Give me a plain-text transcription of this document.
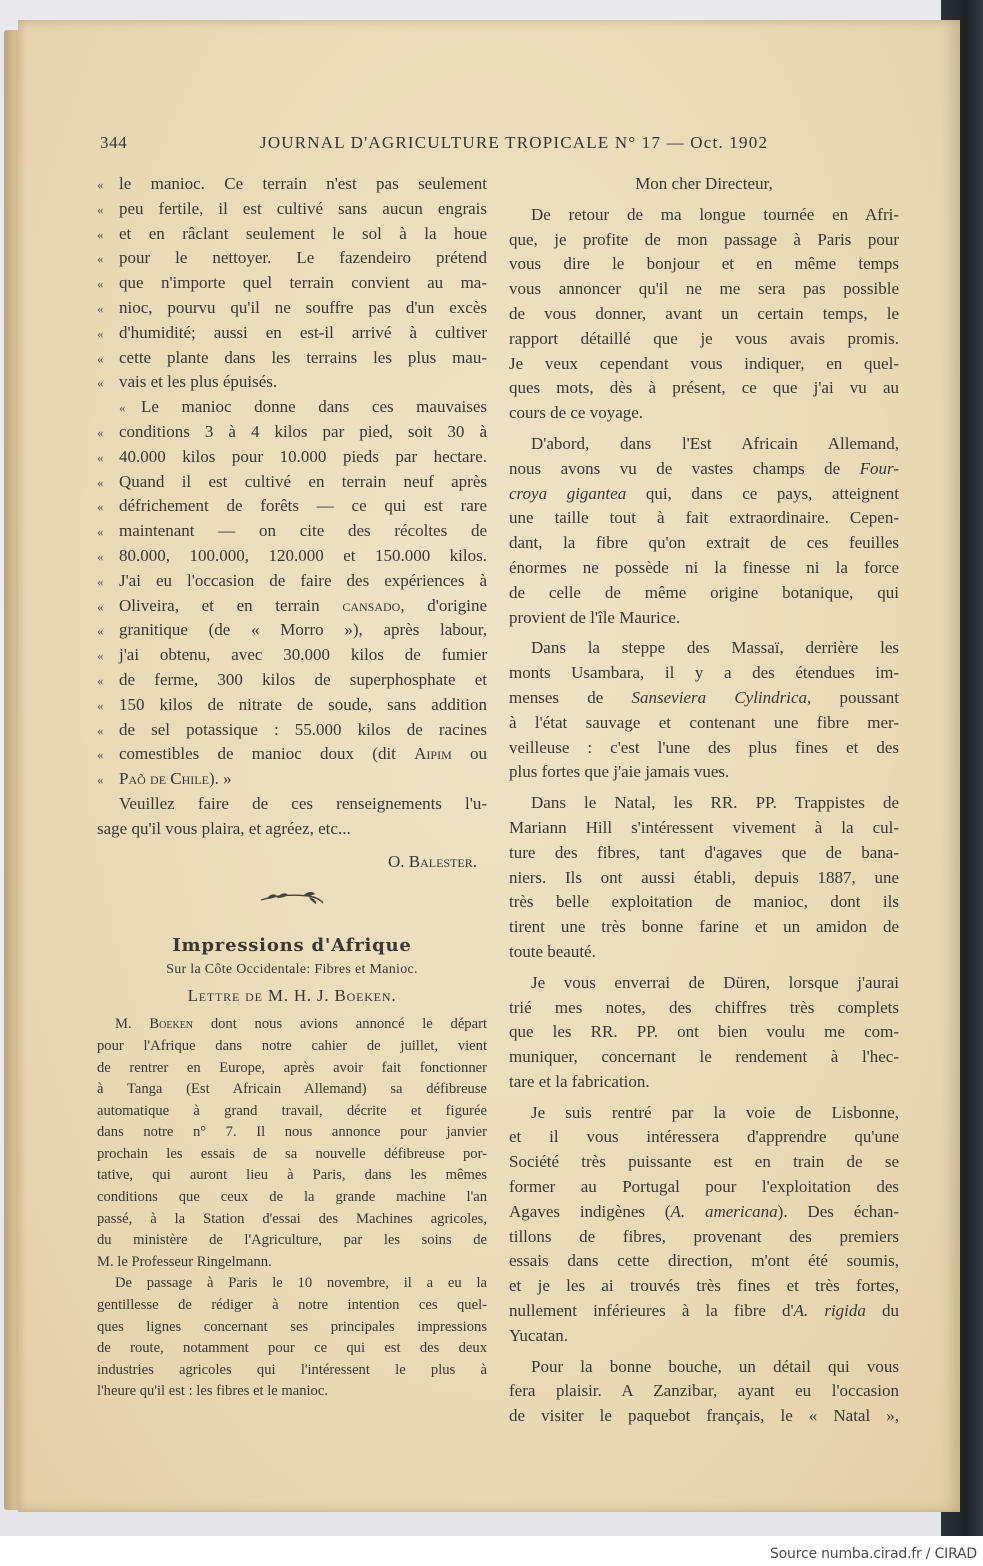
344	JOURNAL D'AGRICULTURE TROPICALE N° 17 — Oct. 1902
« le manioc. Ce terrain n'est pas seulement
« peu fertile, il est cultivé sans aucun engrais
« et en râclant seulement le sol à la houe
« pour le nettoyer. Le fazendeiro prétend
« que n'importe quel terrain convient au ma-
« nioc, pourvu qu'il ne souffre pas d'un excès
« d'humidité; aussi en est-il arrivé à cultiver
« cette plante dans les terrains les plus mau-
« vais et les plus épuisés.
« Le manioc donne dans ces mauvaises
« conditions 3 à 4 kilos par pied, soit 30 à
« 40.000 kilos pour 10.000 pieds par hectare.
« Quand il est cultivé en terrain neuf après
« défrichement de forêts — ce qui est rare
« maintenant — on cite des récoltes de
« 80.000, 100.000, 120.000 et 150.000 kilos.
« J'ai eu l'occasion de faire des expériences à
« Oliveira, et en terrain cansado, d'origine
« granitique (de « Morro »), après labour,
« j'ai obtenu, avec 30.000 kilos de fumier
« de ferme, 300 kilos de superphosphate et
« 150 kilos de nitrate de soude, sans addition
« de sel potassique : 55.000 kilos de racines
« comestibles de manioc doux (dit Aipim ou
« Paõ de Chile). »
Veuillez faire de ces renseignements l'u-
sage qu'il vous plaira, et agréez, etc...
O. Balester.
Impressions d'Afrique
Sur la Côte Occidentale: Fibres et Manioc.
Lettre de M. H. J. Boeken.
M. Boeken dont nous avions annoncé le départ
pour l'Afrique dans notre cahier de juillet, vient
de rentrer en Europe, après avoir fait fonctionner
à Tanga (Est Africain Allemand) sa défibreuse
automatique à grand travail, décrite et figurée
dans notre n° 7. Il nous annonce pour janvier
prochain les essais de sa nouvelle défibreuse por-
tative, qui auront lieu à Paris, dans les mêmes
conditions que ceux de la grande machine l'an
passé, à la Station d'essai des Machines agricoles,
du ministère de l'Agriculture, par les soins de
M. le Professeur Ringelmann.
De passage à Paris le 10 novembre, il a eu la
gentillesse de rédiger à notre intention ces quel-
ques lignes concernant ses principales impressions
de route, notamment pour ce qui est des deux
industries agricoles qui l'intéressent le plus à
l'heure qu'il est : les fibres et le manioc.
Mon cher Directeur,
De retour de ma longue tournée en Afri-
que, je profite de mon passage à Paris pour
vous dire le bonjour et en même temps
vous annoncer qu'il ne me sera pas possible
de vous donner, avant un certain temps, le
rapport détaillé que je vous avais promis.
Je veux cependant vous indiquer, en quel-
ques mots, dès à présent, ce que j'ai vu au
cours de ce voyage.
D'abord, dans l'Est Africain Allemand,
nous avons vu de vastes champs de Four-
croya gigantea qui, dans ce pays, atteignent
une taille tout à fait extraordinaire. Cepen-
dant, la fibre qu'on extrait de ces feuilles
énormes ne possède ni la finesse ni la force
de celle de même origine botanique, qui
provient de l'île Maurice.
Dans la steppe des Massaï, derrière les
monts Usambara, il y a des étendues im-
menses de Sanseviera Cylindrica, poussant
à l'état sauvage et contenant une fibre mer-
veilleuse : c'est l'une des plus fines et des
plus fortes que j'aie jamais vues.
Dans le Natal, les RR. PP. Trappistes de
Mariann Hill s'intéressent vivement à la cul-
ture des fibres, tant d'agaves que de bana-
niers. Ils ont aussi établi, depuis 1887, une
très belle exploitation de manioc, dont ils
tirent une très bonne farine et un amidon de
toute beauté.
Je vous enverrai de Düren, lorsque j'aurai
trié mes notes, des chiffres très complets
que les RR. PP. ont bien voulu me com-
muniquer, concernant le rendement à l'hec-
tare et la fabrication.
Je suis rentré par la voie de Lisbonne,
et il vous intéressera d'apprendre qu'une
Société très puissante est en train de se
former au Portugal pour l'exploitation des
Agaves indigènes (A. americana). Des échan-
tillons de fibres, provenant des premiers
essais dans cette direction, m'ont été soumis,
et je les ai trouvés très fines et très fortes,
nullement inférieures à la fibre d'A. rigida du
Yucatan.
Pour la bonne bouche, un détail qui vous
fera plaisir. A Zanzibar, ayant eu l'occasion
de visiter le paquebot français, le « Natal »,
Source numba.cirad.fr / CIRAD
